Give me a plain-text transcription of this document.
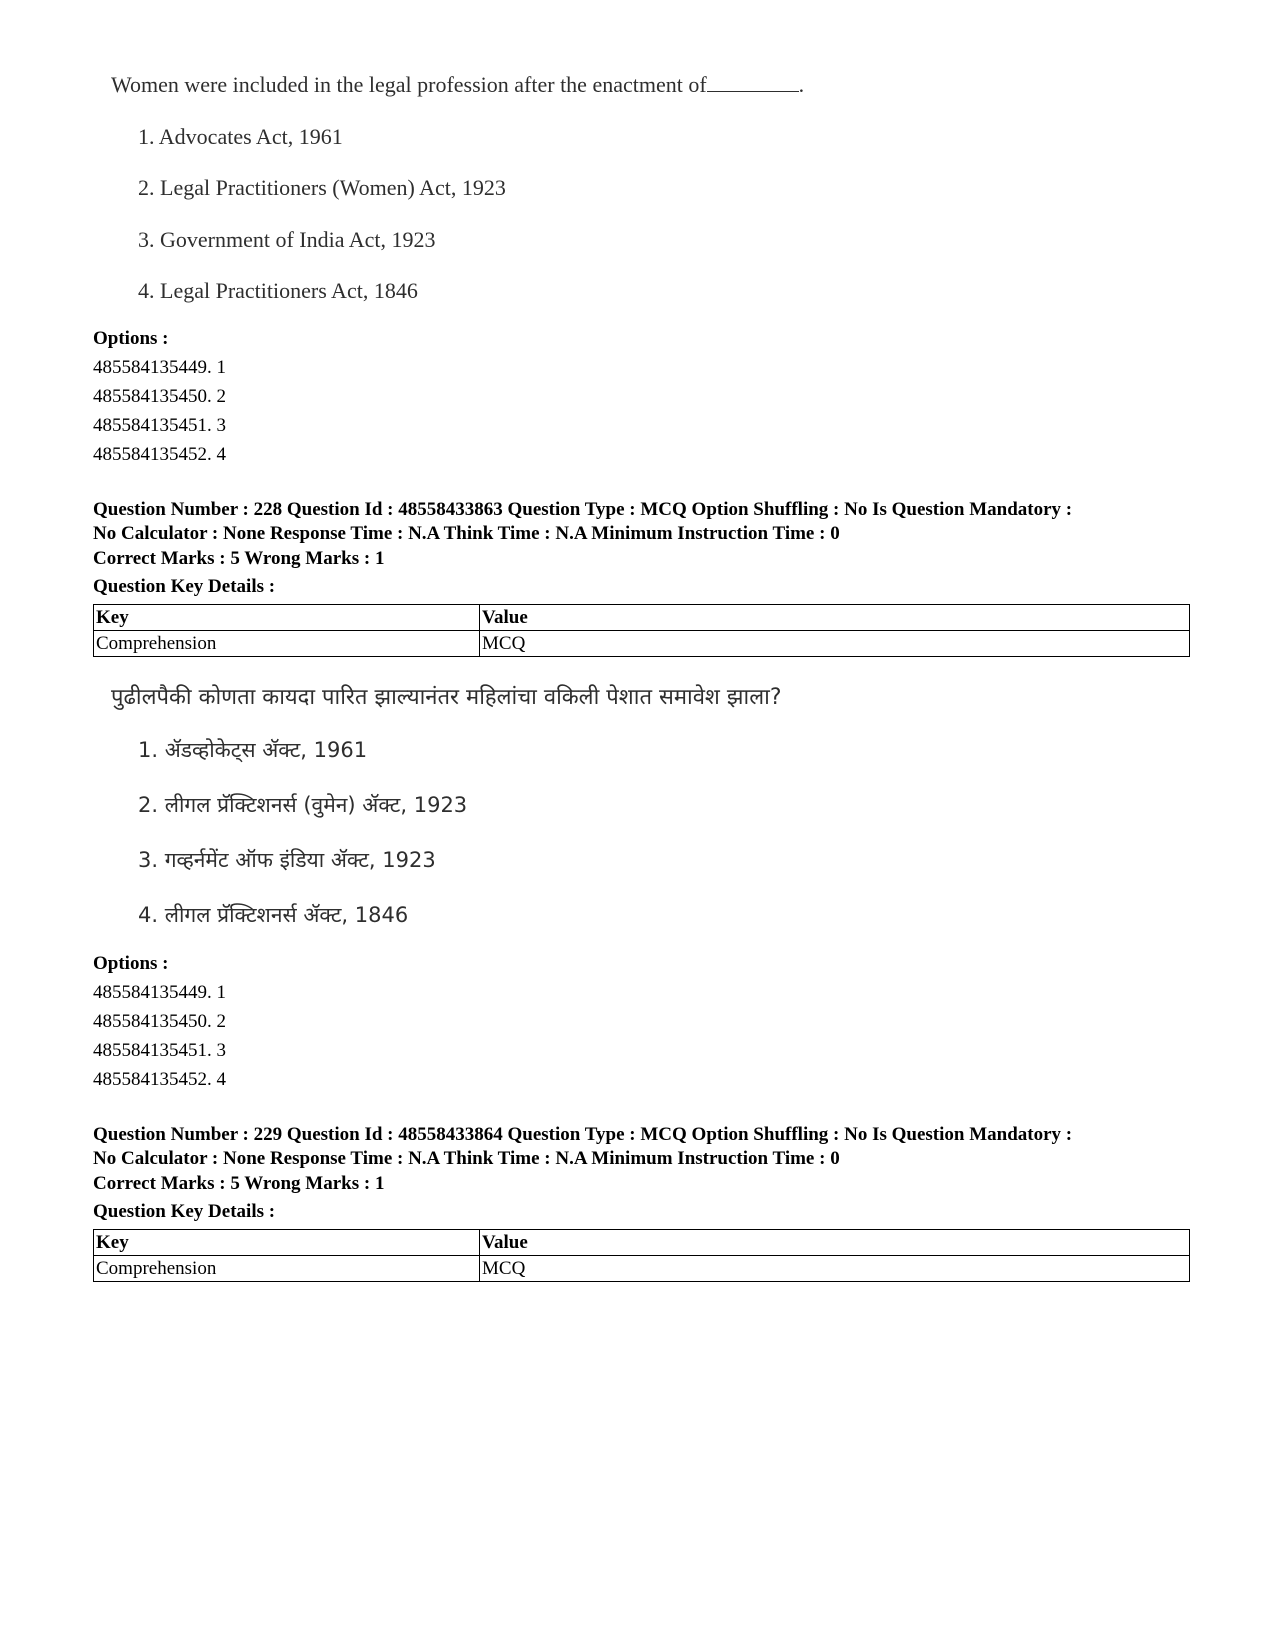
Women were included in the legal profession after the enactment of	.
1. Advocates Act, 1961
2. Legal Practitioners (Women) Act, 1923
3. Government of India Act, 1923
4. Legal Practitioners Act, 1846
Options :
485584135449. 1
485584135450. 2
485584135451. 3
485584135452. 4
Question Number : 228 Question Id : 48558433863 Question Type : MCQ Option Shuffling : No Is Question Mandatory :
No Calculator : None Response Time : N.A Think Time : N.A Minimum Instruction Time : 0
Correct Marks : 5 Wrong Marks : 1
Question Key Details :
Key	Value
Comprehension	MCQ
पुढीलपैकी कोणता कायदा पारित झाल्यानंतर महिलांचा वकिली पेशात समावेश झाला?
1. ॲडव्होकेट्स ॲक्ट, 1961
2. लीगल प्रॅक्टिशनर्स (वुमेन) ॲक्ट, 1923
3. गव्हर्नमेंट ऑफ इंडिया ॲक्ट, 1923
4. लीगल प्रॅक्टिशनर्स ॲक्ट, 1846
Options :
485584135449. 1
485584135450. 2
485584135451. 3
485584135452. 4
Question Number : 229 Question Id : 48558433864 Question Type : MCQ Option Shuffling : No Is Question Mandatory :
No Calculator : None Response Time : N.A Think Time : N.A Minimum Instruction Time : 0
Correct Marks : 5 Wrong Marks : 1
Question Key Details :
Key	Value
Comprehension	MCQ
